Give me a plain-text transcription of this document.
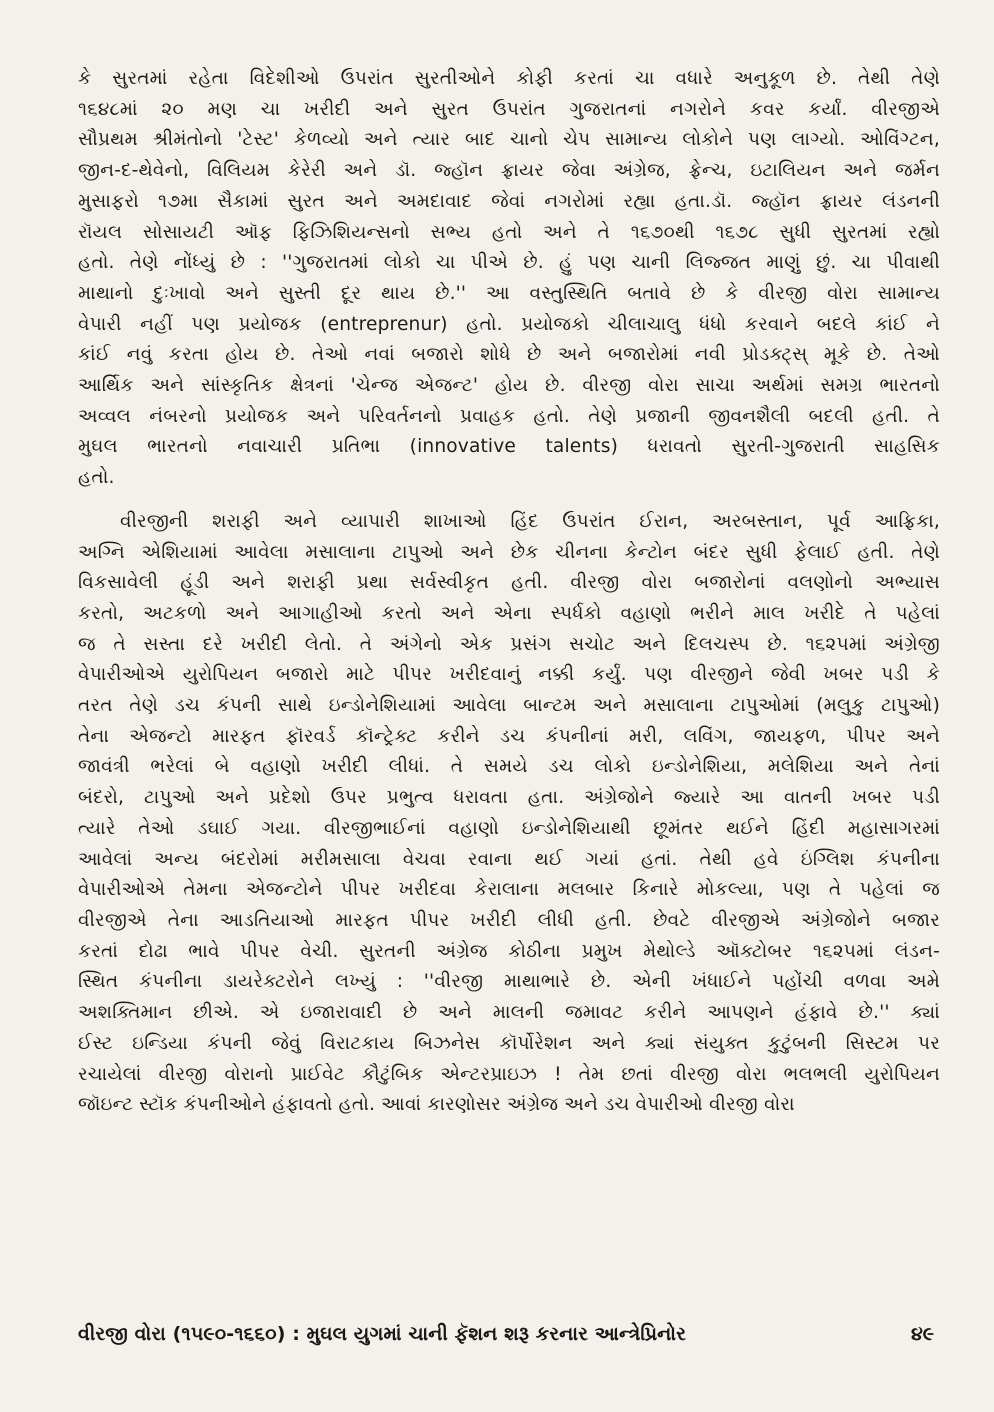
કે સુરતમાં રહેતા વિદેશીઓ ઉપરાંત સુરતીઓને કોફી કરતાં ચા વધારે અનુકૂળ છે. તેથી તેણે
૧૬૪૮માં ૨૦ મણ ચા ખરીદી અને સુરત ઉપરાંત ગુજરાતનાં નગરોને કવર કર્યાં. વીરજીએ
સૌપ્રથમ શ્રીમંતોનો 'ટેસ્ટ' કેળવ્યો અને ત્યાર બાદ ચાનો ચેપ સામાન્ય લોકોને પણ લાગ્યો. ઓવિંગ્ટન,
જીન-દ-થેવેનો, વિલિયમ કેરેરી અને ડૉ. જ્હૉન ફ્રાયર જેવા અંગ્રેજ, ફ્રેન્ચ, ઇટાલિયન અને જર્મન
મુસાફરો ૧૭મા સૈકામાં સુરત અને અમદાવાદ જેવાં નગરોમાં રહ્યા હતા.ડૉ. જ્હૉન ફ્રાયર લંડનની
રૉયલ સોસાયટી ઑફ ફિઝિશિયન્સનો સભ્ય હતો અને તે ૧૬૭૦થી ૧૬૭૮ સુધી સુરતમાં રહ્યો
હતો. તેણે નોંધ્યું છે : ''ગુજરાતમાં લોકો ચા પીએ છે. હું પણ ચાની લિજ્જત માણું છું. ચા પીવાથી
માથાનો દુઃખાવો અને સુસ્તી દૂર થાય છે.'' આ વસ્તુસ્થિતિ બતાવે છે કે વીરજી વોરા સામાન્ય
વેપારી નહીં પણ પ્રયોજક (entreprenur) હતો. પ્રયોજકો ચીલાચાલુ ધંધો કરવાને બદલે કાંઈ ને
કાંઈ નવું કરતા હોય છે. તેઓ નવાં બજારો શોધે છે અને બજારોમાં નવી પ્રોડક્ટ્સ્ મૂકે છે. તેઓ
આર્થિક અને સાંસ્કૃતિક ક્ષેત્રનાં 'ચેન્જ એજન્ટ' હોય છે. વીરજી વોરા સાચા અર્થમાં સમગ્ર ભારતનો
અવ્વલ નંબરનો પ્રયોજક અને પરિવર્તનનો પ્રવાહક હતો. તેણે પ્રજાની જીવનશૈલી બદલી હતી. તે
મુઘલ ભારતનો નવાચારી પ્રતિભા (innovative talents) ધરાવતો સુરતી-ગુજરાતી સાહસિક
હતો.

વીરજીની શરાફી અને વ્યાપારી શાખાઓ હિંદ ઉપરાંત ઈરાન, અરબસ્તાન, પૂર્વ આફ્રિકા,
અગ્નિ એશિયામાં આવેલા મસાલાના ટાપુઓ અને છેક ચીનના કેન્ટોન બંદર સુધી ફેલાઈ હતી. તેણે
વિકસાવેલી હૂંડી અને શરાફી પ્રથા સર્વસ્વીકૃત હતી. વીરજી વોરા બજારોનાં વલણોનો અભ્યાસ
કરતો, અટકળો અને આગાહીઓ કરતો અને એના સ્પર્ધકો વહાણો ભરીને માલ ખરીદે તે પહેલાં
જ તે સસ્તા દરે ખરીદી લેતો. તે અંગેનો એક પ્રસંગ સચોટ અને દિલચસ્પ છે. ૧૬૨૫માં અંગ્રેજી
વેપારીઓએ યુરોપિયન બજારો માટે પીપર ખરીદવાનું નક્કી કર્યું. પણ વીરજીને જેવી ખબર પડી કે
તરત તેણે ડચ કંપની સાથે ઇન્ડોનેશિયામાં આવેલા બાન્ટમ અને મસાલાના ટાપુઓમાં (મલુકુ ટાપુઓ)
તેના એજન્ટો મારફત ફૉરવર્ડ કૉન્ટ્રેક્ટ કરીને ડચ કંપનીનાં મરી, લવિંગ, જાયફળ, પીપર અને
જાવંત્રી ભરેલાં બે વહાણો ખરીદી લીધાં. તે સમયે ડચ લોકો ઇન્ડોનેશિયા, મલેશિયા અને તેનાં
બંદરો, ટાપુઓ અને પ્રદેશો ઉપર પ્રભુત્વ ધરાવતા હતા. અંગ્રેજોને જ્યારે આ વાતની ખબર પડી
ત્યારે તેઓ ડઘાઈ ગયા. વીરજીભાઈનાં વહાણો ઇન્ડોનેશિયાથી છૂમંતર થઈને હિંદી મહાસાગરમાં
આવેલાં અન્ય બંદરોમાં મરીમસાલા વેચવા રવાના થઈ ગયાં હતાં. તેથી હવે ઇંગ્લિશ કંપનીના
વેપારીઓએ તેમના એજન્ટોને પીપર ખરીદવા કેરાલાના મલબાર કિનારે મોકલ્યા, પણ તે પહેલાં જ
વીરજીએ તેના આડતિયાઓ મારફત પીપર ખરીદી લીધી હતી. છેવટે વીરજીએ અંગ્રેજોને બજાર
કરતાં દોઢા ભાવે પીપર વેચી. સુરતની અંગ્રેજ કોઠીના પ્રમુખ મેથોલ્ડે ઑક્ટોબર ૧૬૨૫માં લંડન-
સ્થિત કંપનીના ડાયરેક્ટરોને લખ્યું : ''વીરજી માથાભારે છે. એની ખંધાઈને પહોંચી વળવા અમે
અશક્તિમાન છીએ. એ ઇજારાવાદી છે અને માલની જમાવટ કરીને આપણને હંફાવે છે.'' ક્યાં
ઈસ્ટ ઇન્ડિયા કંપની જેવું વિરાટકાય બિઝનેસ કૉર્પોરેશન અને ક્યાં સંયુક્ત કુટુંબની સિસ્ટમ પર
રચાયેલાં વીરજી વોરાનો પ્રાઈવેટ કૌટુંબિક એન્ટરપ્રાઇઝ ! તેમ છતાં વીરજી વોરા ભલભલી યુરોપિયન
જૉઇન્ટ સ્ટૉક કંપનીઓને હંફાવતો હતો. આવાં કારણોસર અંગ્રેજ અને ડચ વેપારીઓ વીરજી વોરા

વીરજી વોરા (૧૫૯૦-૧૬૬૦) : મુઘલ યુગમાં ચાની ફૅશન શરૂ કરનાર આન્ત્રેપ્રિનોર	૪૯
